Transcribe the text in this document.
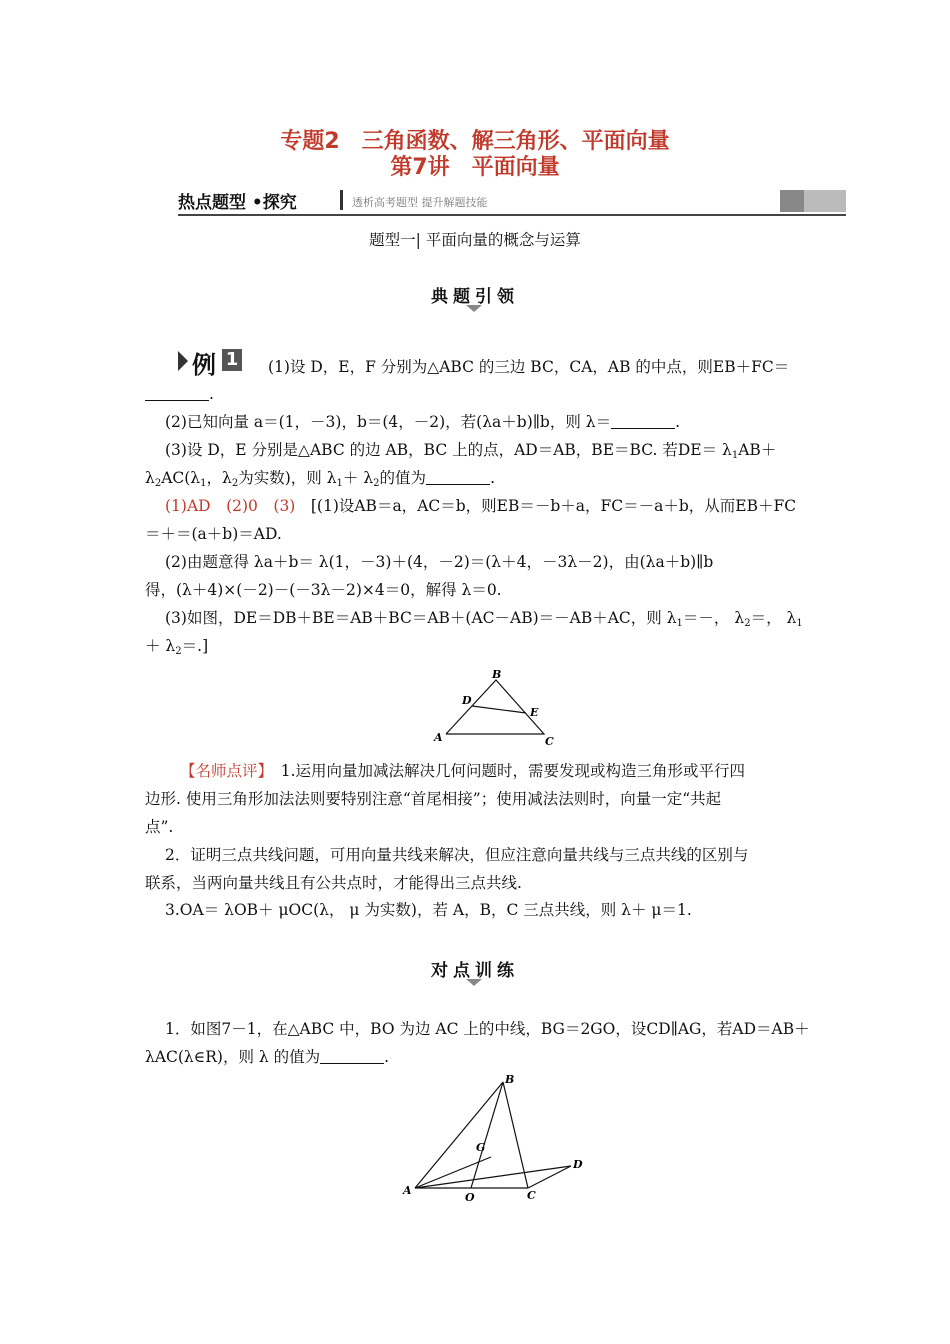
专题2　三角函数、解三角形、平面向量
第7讲　平面向量
热点题型 •探究	透析高考题型 提升解题技能
题型一| 平面向量的概念与运算
典题引领
例 1 (1)设 D，E，F 分别为△ABC 的三边 BC，CA，AB 的中点，则EB＋FC＝
.
(2)已知向量 a＝(1，－3)，b＝(4，－2)，若(λa＋b)∥b，则 λ＝	.
(3)设 D，E 分别是△ABC 的边 AB，BC 上的点，AD＝AB，BE＝BC. 若$DE= \lambda_1AB+$
$\lambda_2AC(\lambda_1$，$\lambda_2$为实数)，则 $\lambda_1+ \lambda_2$的值为	.
(1)AD　(2)0　(3)　[(1)设AB＝a，AC＝b，则EB＝－b＋a，FC＝－a＋b，从而EB＋FC
＝＋＝(a＋b)＝AD.
(2)由题意得 λa＋b＝ λ(1，－3)＋(4，－2)＝(λ＋4，－3λ－2)，由(λa＋b)∥b
得，(λ＋4)×(－2)－(－3λ－2)×4＝0，解得 λ＝0.
(3)如图，DE＝DB＋BE＝AB＋BC＝AB＋(AC－AB)＝－AB＋AC，则 $\lambda_1=-$， $\lambda_2=$， $\lambda_1$
＋ $\lambda_2=$.]
B
D
E
A	C
【名师点评】　1.运用向量加减法解决几何问题时，需要发现或构造三角形或平行四
边形. 使用三角形加法法则要特别注意“首尾相接”；使用减法法则时，向量一定“共起
点”.
2．证明三点共线问题，可用向量共线来解决，但应注意向量共线与三点共线的区别与
联系，当两向量共线且有公共点时，才能得出三点共线.
3.OA＝ λOB＋ μOC(λ， μ 为实数)，若 A，B，C 三点共线，则 λ＋ μ＝1.
对点训练
1．如图7－1，在△ABC 中，BO 为边 AC 上的中线，BG＝2GO，设CD∥AG，若AD＝AB＋
λAC(λ∈R)，则 λ 的值为	.
B
G
D
A
O	C
